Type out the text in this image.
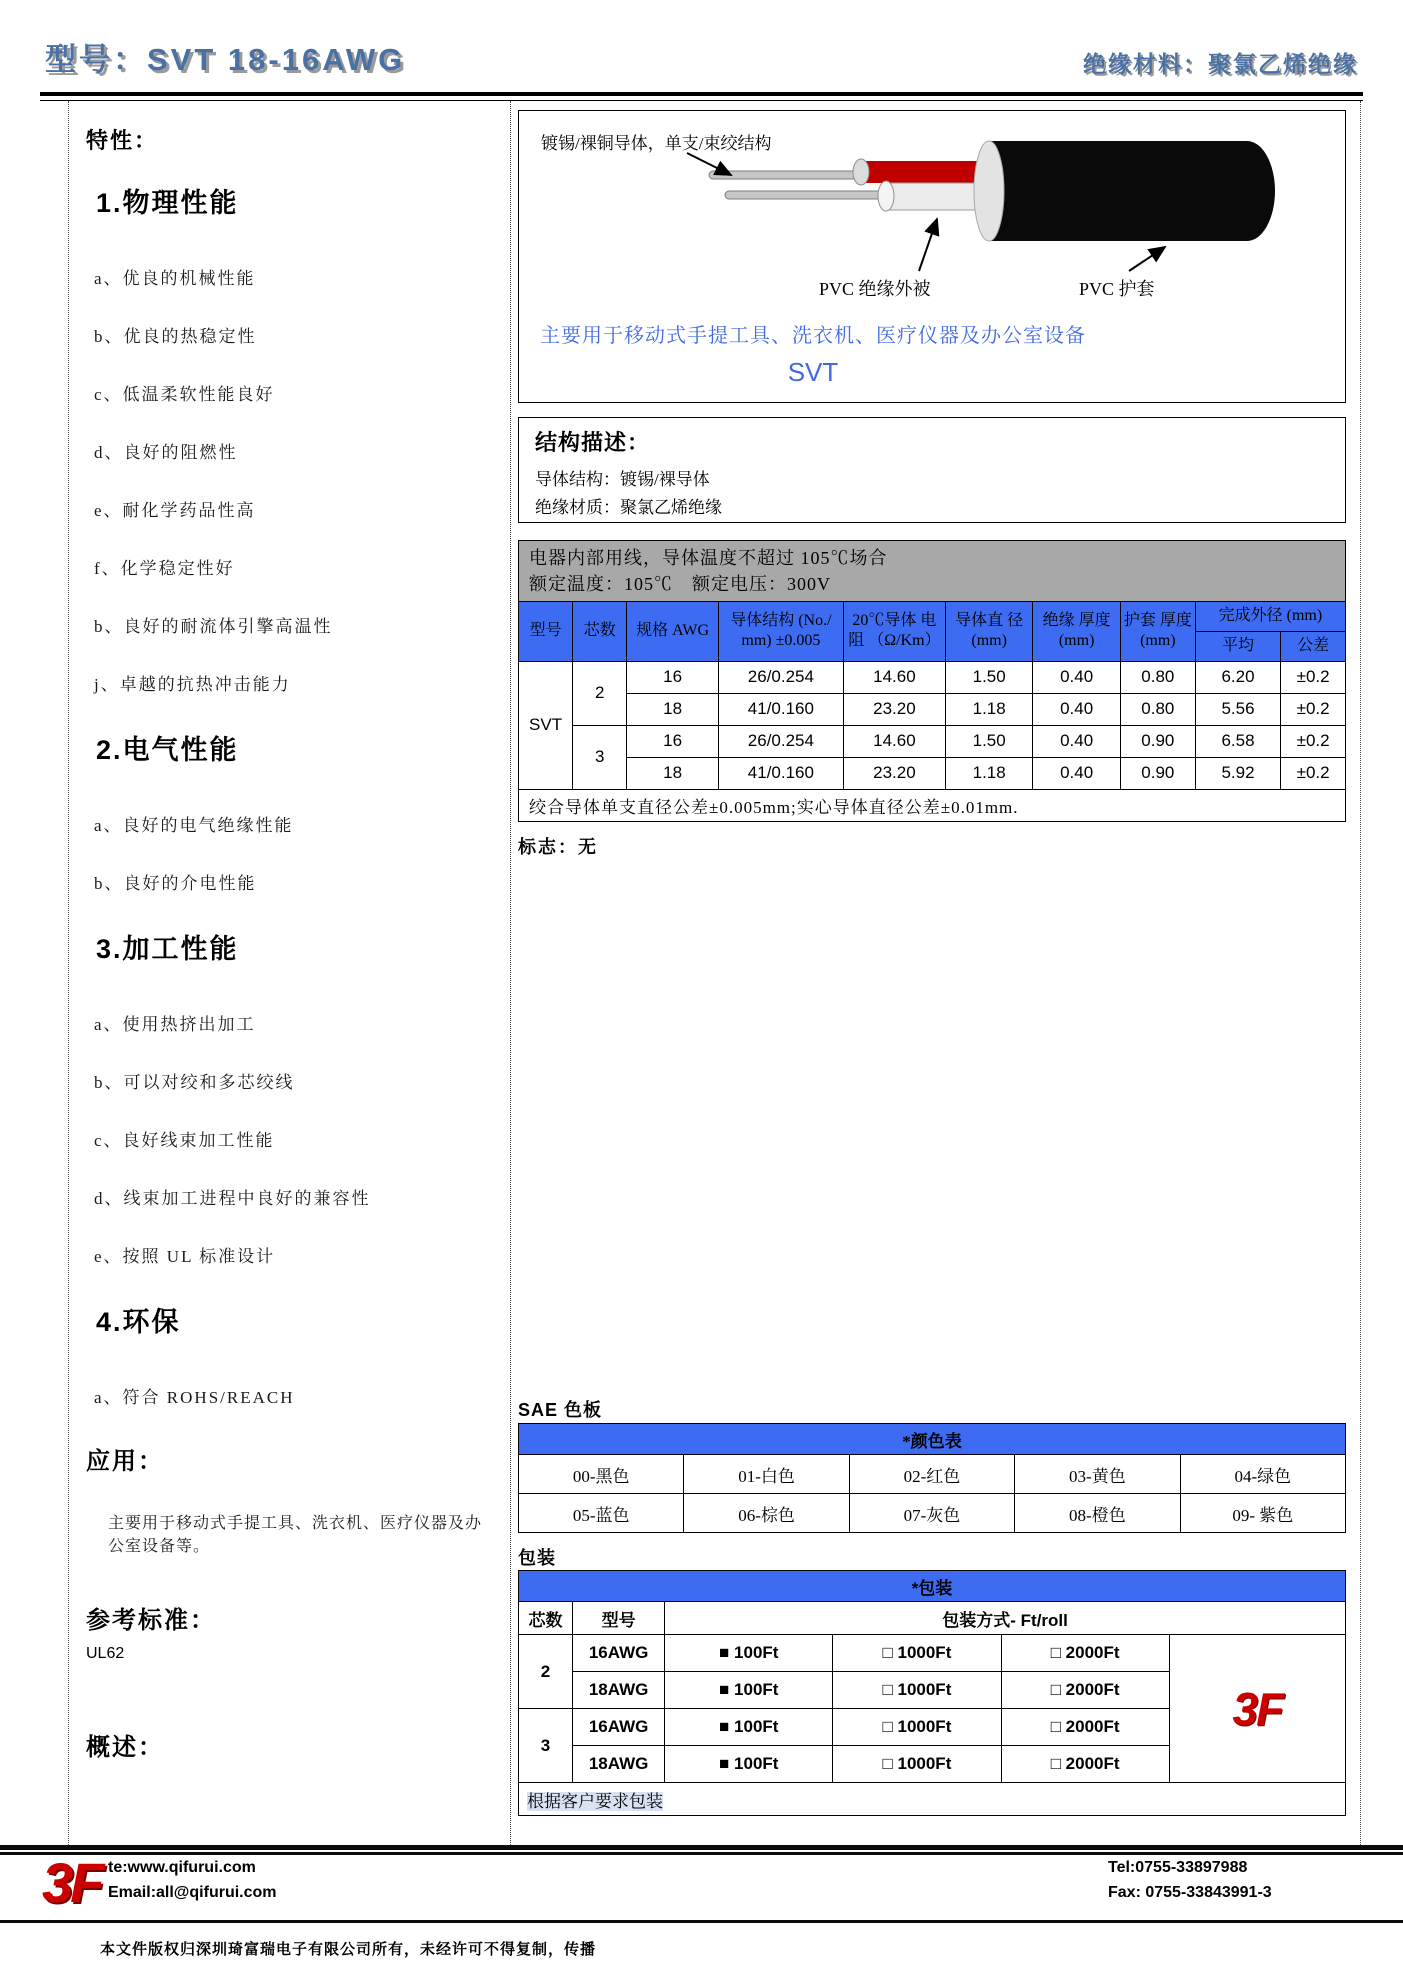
型号：SVT 18-16AWG	绝缘材料：聚氯乙烯绝缘
特性：
1.物理性能
a、优良的机械性能
b、优良的热稳定性
c、低温柔软性能良好
d、良好的阻燃性
e、耐化学药品性高
f、化学稳定性好
b、良好的耐流体引擎高温性
j、卓越的抗热冲击能力
2.电气性能
a、良好的电气绝缘性能
b、良好的介电性能
3.加工性能
a、使用热挤出加工
b、可以对绞和多芯绞线
c、良好线束加工性能
d、线束加工进程中良好的兼容性
e、按照 UL 标准设计
4.环保
a、符合 ROHS/REACH
应用：
主要用于移动式手提工具、洗衣机、医疗仪器及办公室设备等。
参考标准：
UL62
概述：
镀锡/裸铜导体，单支/束绞结构
PVC 绝缘外被	PVC 护套
主要用于移动式手提工具、洗衣机、医疗仪器及办公室设备
SVT
结构描述：

导体结构：镀锡/裸导体

绝缘材质：聚氯乙烯绝缘

电器内部用线，导体温度不超过 105℃场合
额定温度：105℃　额定电压：300V									

型号	芯数	规格 AWG	导体结构 (No./ mm) ±0.005	20℃导体 电阻 （Ω/Km）	导体直 径(mm)	绝缘 厚度 (mm)	护套 厚度 (mm)	完成外径 (mm)	
								平均	公差
SVT	2	16	26/0.254	14.60	1.50	0.40	0.80	6.20	±0.2
		18	41/0.160	23.20	1.18	0.40	0.80	5.56	±0.2
	3	16	26/0.254	14.60	1.50	0.40	0.90	6.58	±0.2
		18	41/0.160	23.20	1.18	0.40	0.90	5.92	±0.2
绞合导体单支直径公差±0.005mm;实心导体直径公差±0.01mm.									
标志：无
SAE 色板
*颜色表				
00-黑色	01-白色	02-红色	03-黄色	04-绿色
05-蓝色	06-棕色	07-灰色	08-橙色	09- 紫色
包装
*包装					
芯数	型号	包装方式- Ft/roll			
2	16AWG	■ 100Ft	□ 1000Ft	□ 2000Ft	3F
	18AWG	■ 100Ft	□ 1000Ft	□ 2000Ft	
3	16AWG	■ 100Ft	□ 1000Ft	□ 2000Ft	
	18AWG	■ 100Ft	□ 1000Ft	□ 2000Ft	
根据客户要求包装					
3F te:www.qifurui.com
Email:all@qifurui.com
Tel:0755-33897988
Fax: 0755-33843991-3
本文件版权归深圳琦富瑞电子有限公司所有，未经许可不得复制，传播
